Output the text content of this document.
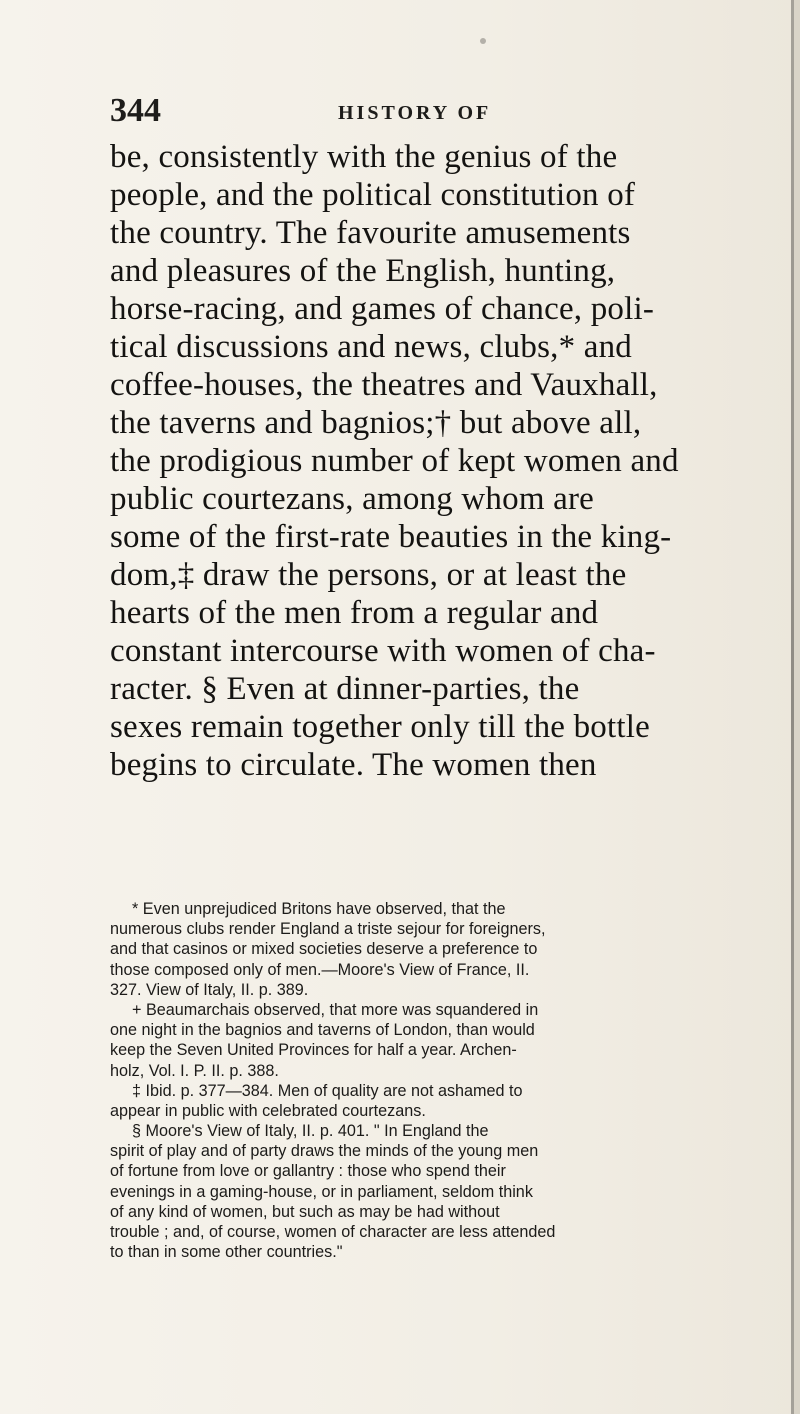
344	HISTORY OF
be, consistently with the genius of the
people, and the political constitution of
the country. The favourite amusements
and pleasures of the English, hunting,
horse-racing, and games of chance, poli-
tical discussions and news, clubs,* and
coffee-houses, the theatres and Vauxhall,
the taverns and bagnios;† but above all,
the prodigious number of kept women and
public courtezans, among whom are
some of the first-rate beauties in the king-
dom,‡ draw the persons, or at least the
hearts of the men from a regular and
constant intercourse with women of cha-
racter. § Even at dinner-parties, the
sexes remain together only till the bottle
begins to circulate. The women then
* Even unprejudiced Britons have observed, that the
numerous clubs render England a triste sejour for foreigners,
and that casinos or mixed societies deserve a preference to
those composed only of men.—Moore's View of France, II.
327. View of Italy, II. p. 389.
+ Beaumarchais observed, that more was squandered in
one night in the bagnios and taverns of London, than would
keep the Seven United Provinces for half a year. Archen-
holz, Vol. I. P. II. p. 388.
‡ Ibid. p. 377—384. Men of quality are not ashamed to
appear in public with celebrated courtezans.
§ Moore's View of Italy, II. p. 401. " In England the
spirit of play and of party draws the minds of the young men
of fortune from love or gallantry : those who spend their
evenings in a gaming-house, or in parliament, seldom think
of any kind of women, but such as may be had without
trouble ; and, of course, women of character are less attended
to than in some other countries."
